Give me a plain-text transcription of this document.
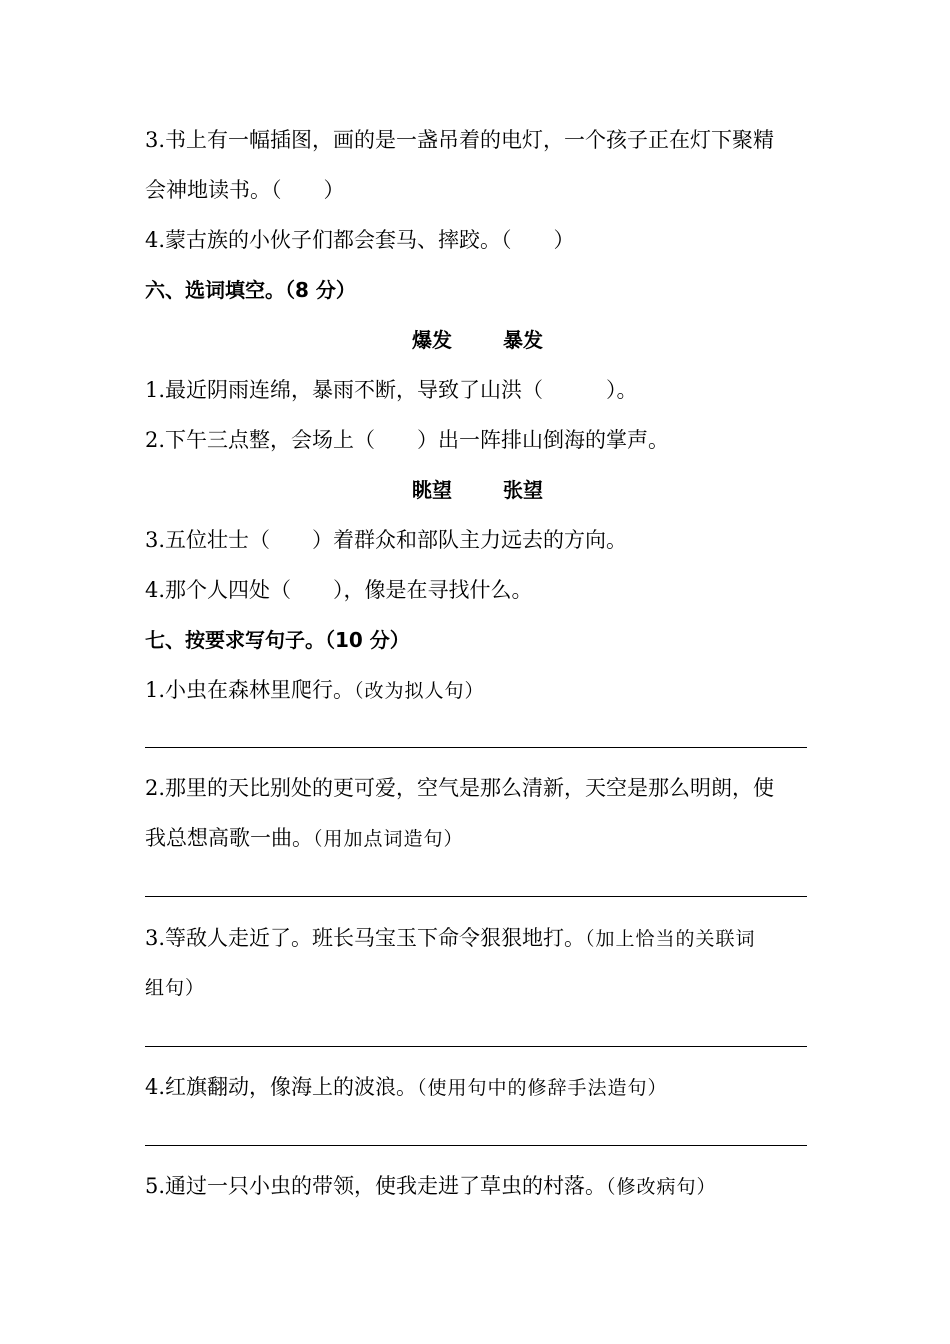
3.书上有一幅插图，画的是一盏吊着的电灯，一个孩子正在灯下聚精
会神地读书。（　　）
4.蒙古族的小伙子们都会套马、摔跤。（　　）
六、选词填空。（8 分）
爆发	暴发
1.最近阴雨连绵，暴雨不断，导致了山洪（　　　）。
2.下午三点整，会场上（　　）出一阵排山倒海的掌声。
眺望	张望
3.五位壮士（　　）着群众和部队主力远去的方向。
4.那个人四处（　　），像是在寻找什么。
七、按要求写句子。（10 分）
1.小虫在森林里爬行。（改为拟人句）
2.那里的天比别处的更可爱，空气是那么清新，天空是那么明朗，使
我总想高歌一曲。（用加点词造句）
3.等敌人走近了。班长马宝玉下命令狠狠地打。（加上恰当的关联词
组句）
4.红旗翻动，像海上的波浪。（使用句中的修辞手法造句）
5.通过一只小虫的带领，使我走进了草虫的村落。（修改病句）
